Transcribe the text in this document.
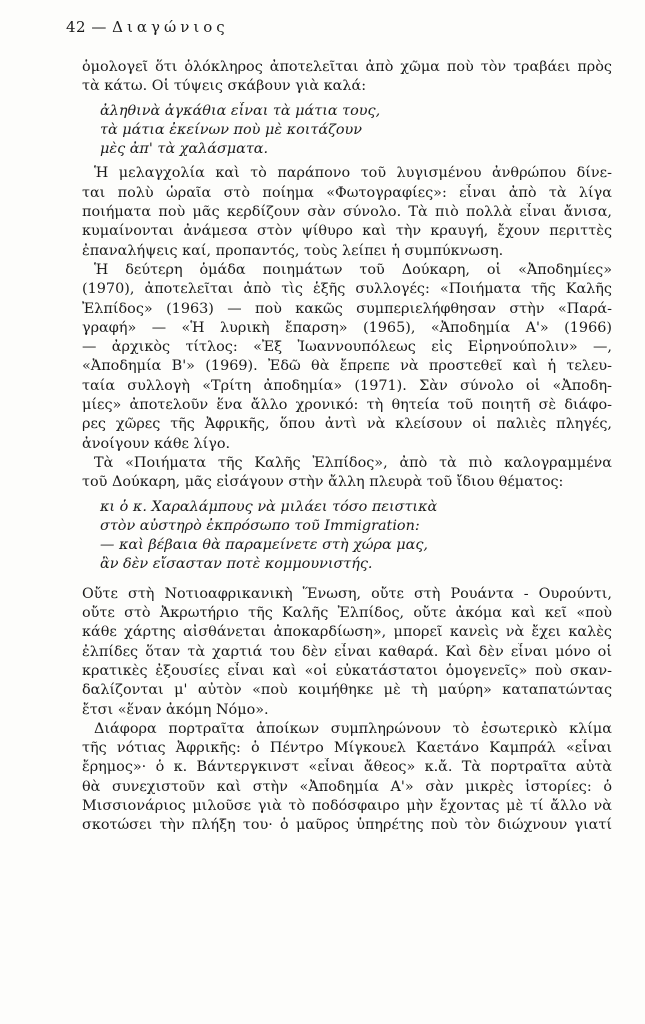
42 — Διαγώνιος
ὁμολογεῖ ὅτι ὁλόκληρος ἀποτελεῖται ἀπὸ χῶμα ποὺ τὸν τραβάει πρὸς
τὰ κάτω. Οἱ τύψεις σκάβουν γιὰ καλά:
ἀληθινὰ ἀγκάθια εἶναι τὰ μάτια τους,
τὰ μάτια ἐκείνων ποὺ μὲ κοιτάζουν
μὲς ἀπ' τὰ χαλάσματα.
Ἡ μελαγχολία καὶ τὸ παράπονο τοῦ λυγισμένου ἀνθρώπου δίνε-
ται πολὺ ὡραῖα στὸ ποίημα «Φωτογραφίες»: εἶναι ἀπὸ τὰ λίγα
ποιήματα ποὺ μᾶς κερδίζουν σὰν σύνολο. Τὰ πιὸ πολλὰ εἶναι ἄνισα,
κυμαίνονται ἀνάμεσα στὸν ψίθυρο καὶ τὴν κραυγή, ἔχουν περιττὲς
ἐπαναλήψεις καί, προπαντός, τοὺς λείπει ἡ συμπύκνωση.
Ἡ δεύτερη ὁμάδα ποιημάτων τοῦ Δούκαρη, οἱ «Ἀποδημίες»
(1970), ἀποτελεῖται ἀπὸ τὶς ἑξῆς συλλογές: «Ποιήματα τῆς Καλῆς
Ἐλπίδος» (1963) — ποὺ κακῶς συμπεριελήφθησαν στὴν «Παρά-
γραφή» — «Ἡ λυρικὴ ἔπαρση» (1965), «Ἀποδημία Α'» (1966)
— ἀρχικὸς τίτλος: «Ἐξ Ἰωαννουπόλεως εἰς Εἰρηνούπολιν» —,
«Ἀποδημία Β'» (1969). Ἐδῶ θὰ ἔπρεπε νὰ προστεθεῖ καὶ ἡ τελευ-
ταία συλλογὴ «Τρίτη ἀποδημία» (1971). Σὰν σύνολο οἱ «Ἀποδη-
μίες» ἀποτελοῦν ἕνα ἄλλο χρονικό: τὴ θητεία τοῦ ποιητῆ σὲ διάφο-
ρες χῶρες τῆς Ἀφρικῆς, ὅπου ἀντὶ νὰ κλείσουν οἱ παλιὲς πληγές,
ἀνοίγουν κάθε λίγο.
Τὰ «Ποιήματα τῆς Καλῆς Ἐλπίδος», ἀπὸ τὰ πιὸ καλογραμμένα
τοῦ Δούκαρη, μᾶς εἰσάγουν στὴν ἄλλη πλευρὰ τοῦ ἴδιου θέματος:
κι ὁ κ. Χαραλάμπους νὰ μιλάει τόσο πειστικὰ
στὸν αὐστηρὸ ἐκπρόσωπο τοῦ Immigration:
— καὶ βέβαια θὰ παραμείνετε στὴ χώρα μας,
ἂν δὲν εἴσασταν ποτὲ κομμουνιστής.
Οὔτε στὴ Νοτιοαφρικανικὴ Ἕνωση, οὔτε στὴ Ρουάντα - Ουρούντι,
οὔτε στὸ Ἀκρωτήριο τῆς Καλῆς Ἐλπίδος, οὔτε ἀκόμα καὶ κεῖ «ποὺ
κάθε χάρτης αἰσθάνεται ἀποκαρδίωση», μπορεῖ κανεὶς νὰ ἔχει καλὲς
ἐλπίδες ὅταν τὰ χαρτιά του δὲν εἶναι καθαρά. Καὶ δὲν εἶναι μόνο οἱ
κρατικὲς ἐξουσίες εἶναι καὶ «οἱ εὐκατάστατοι ὁμογενεῖς» ποὺ σκαν-
δαλίζονται μ' αὐτὸν «ποὺ κοιμήθηκε μὲ τὴ μαύρη» καταπατώντας
ἔτσι «ἕναν ἀκόμη Νόμο».
Διάφορα πορτραῖτα ἀποίκων συμπληρώνουν τὸ ἐσωτερικὸ κλίμα
τῆς νότιας Ἀφρικῆς: ὁ Πέντρο Μίγκουελ Καετάνο Καμπράλ «εἶναι
ἔρημος»· ὁ κ. Βάντεργκινστ «εἶναι ἄθεος» κ.ἄ. Τὰ πορτραῖτα αὐτὰ
θὰ συνεχιστοῦν καὶ στὴν «Ἀποδημία Α'» σὰν μικρὲς ἱστορίες: ὁ
Μισσιονάριος μιλοῦσε γιὰ τὸ ποδόσφαιρο μὴν ἔχοντας μὲ τί ἄλλο νὰ
σκοτώσει τὴν πλήξη του· ὁ μαῦρος ὑπηρέτης ποὺ τὸν διώχνουν γιατί
